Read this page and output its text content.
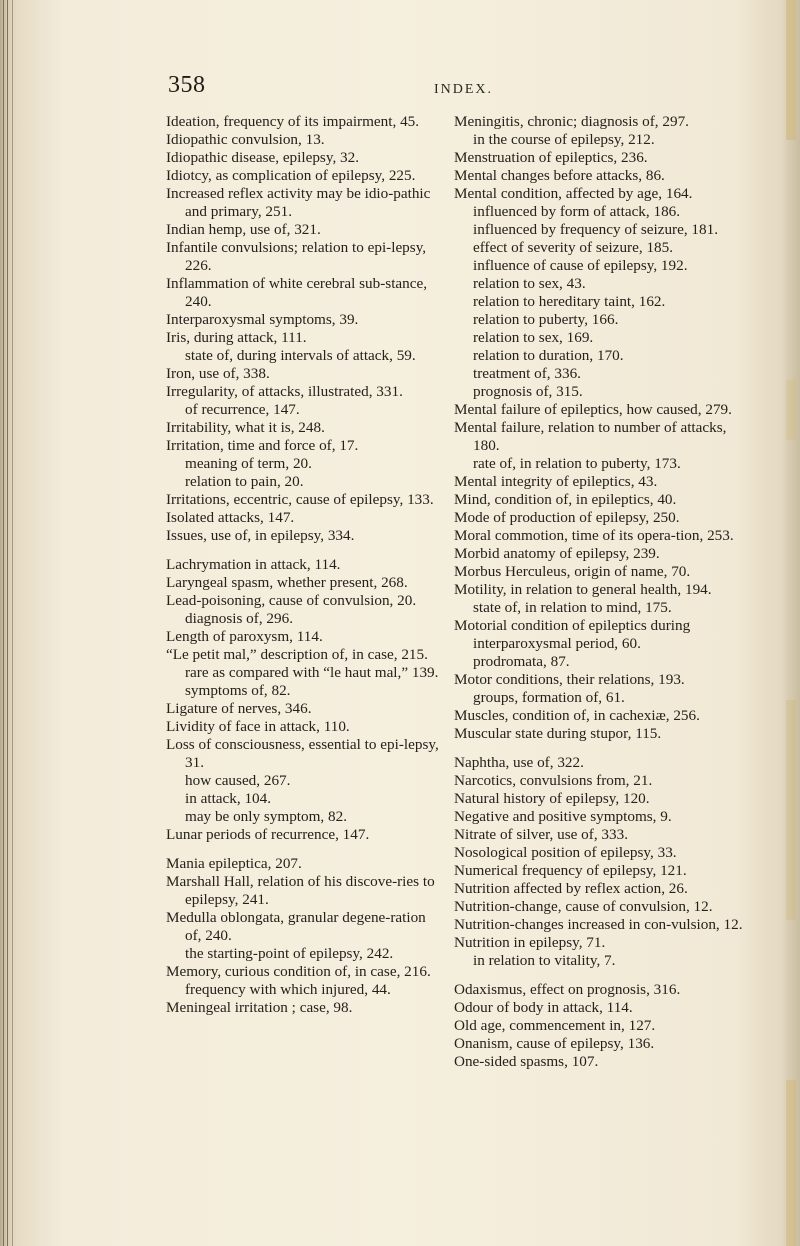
358	INDEX.

Ideation, frequency of its impairment, 45.

Idiopathic convulsion, 13.

Idiopathic disease, epilepsy, 32.

Idiotcy, as complication of epilepsy, 225.

Increased reflex activity may be idio-pathic and primary, 251.

Indian hemp, use of, 321.

Infantile convulsions; relation to epi-lepsy, 226.

Inflammation of white cerebral sub-stance, 240.

Interparoxysmal symptoms, 39.

Iris, during attack, 111.

state of, during intervals of attack, 59.

Iron, use of, 338.

Irregularity, of attacks, illustrated, 331.

of recurrence, 147.

Irritability, what it is, 248.

Irritation, time and force of, 17.

meaning of term, 20.

relation to pain, 20.

Irritations, eccentric, cause of epilepsy, 133.

Isolated attacks, 147.

Issues, use of, in epilepsy, 334.

Lachrymation in attack, 114.

Laryngeal spasm, whether present, 268.

Lead-poisoning, cause of convulsion, 20.

diagnosis of, 296.

Length of paroxysm, 114.

“Le petit mal,” description of, in case, 215.

rare as compared with “le haut mal,” 139.

symptoms of, 82.

Ligature of nerves, 346.

Lividity of face in attack, 110.

Loss of consciousness, essential to epi-lepsy, 31.

how caused, 267.

in attack, 104.

may be only symptom, 82.

Lunar periods of recurrence, 147.

Mania epileptica, 207.

Marshall Hall, relation of his discove-ries to epilepsy, 241.

Medulla oblongata, granular degene-ration of, 240.

the starting-point of epilepsy, 242.

Memory, curious condition of, in case, 216.

frequency with which injured, 44.

Meningeal irritation ; case, 98.

Meningitis, chronic; diagnosis of, 297.

in the course of epilepsy, 212.

Menstruation of epileptics, 236.

Mental changes before attacks, 86.

Mental condition, affected by age, 164.

influenced by form of attack, 186.

influenced by frequency of seizure, 181.

effect of severity of seizure, 185.

influence of cause of epilepsy, 192.

relation to sex, 43.

relation to hereditary taint, 162.

relation to puberty, 166.

relation to sex, 169.

relation to duration, 170.

treatment of, 336.

prognosis of, 315.

Mental failure of epileptics, how caused, 279.

Mental failure, relation to number of attacks, 180.

rate of, in relation to puberty, 173.

Mental integrity of epileptics, 43.

Mind, condition of, in epileptics, 40.

Mode of production of epilepsy, 250.

Moral commotion, time of its opera-tion, 253.

Morbid anatomy of epilepsy, 239.

Morbus Herculeus, origin of name, 70.

Motility, in relation to general health, 194.

state of, in relation to mind, 175.

Motorial condition of epileptics during interparoxysmal period, 60.

prodromata, 87.

Motor conditions, their relations, 193.

groups, formation of, 61.

Muscles, condition of, in cachexiæ, 256.

Muscular state during stupor, 115.

Naphtha, use of, 322.

Narcotics, convulsions from, 21.

Natural history of epilepsy, 120.

Negative and positive symptoms, 9.

Nitrate of silver, use of, 333.

Nosological position of epilepsy, 33.

Numerical frequency of epilepsy, 121.

Nutrition affected by reflex action, 26.

Nutrition-change, cause of convulsion, 12.

Nutrition-changes increased in con-vulsion, 12.

Nutrition in epilepsy, 71.

in relation to vitality, 7.

Odaxismus, effect on prognosis, 316.

Odour of body in attack, 114.

Old age, commencement in, 127.

Onanism, cause of epilepsy, 136.

One-sided spasms, 107.
